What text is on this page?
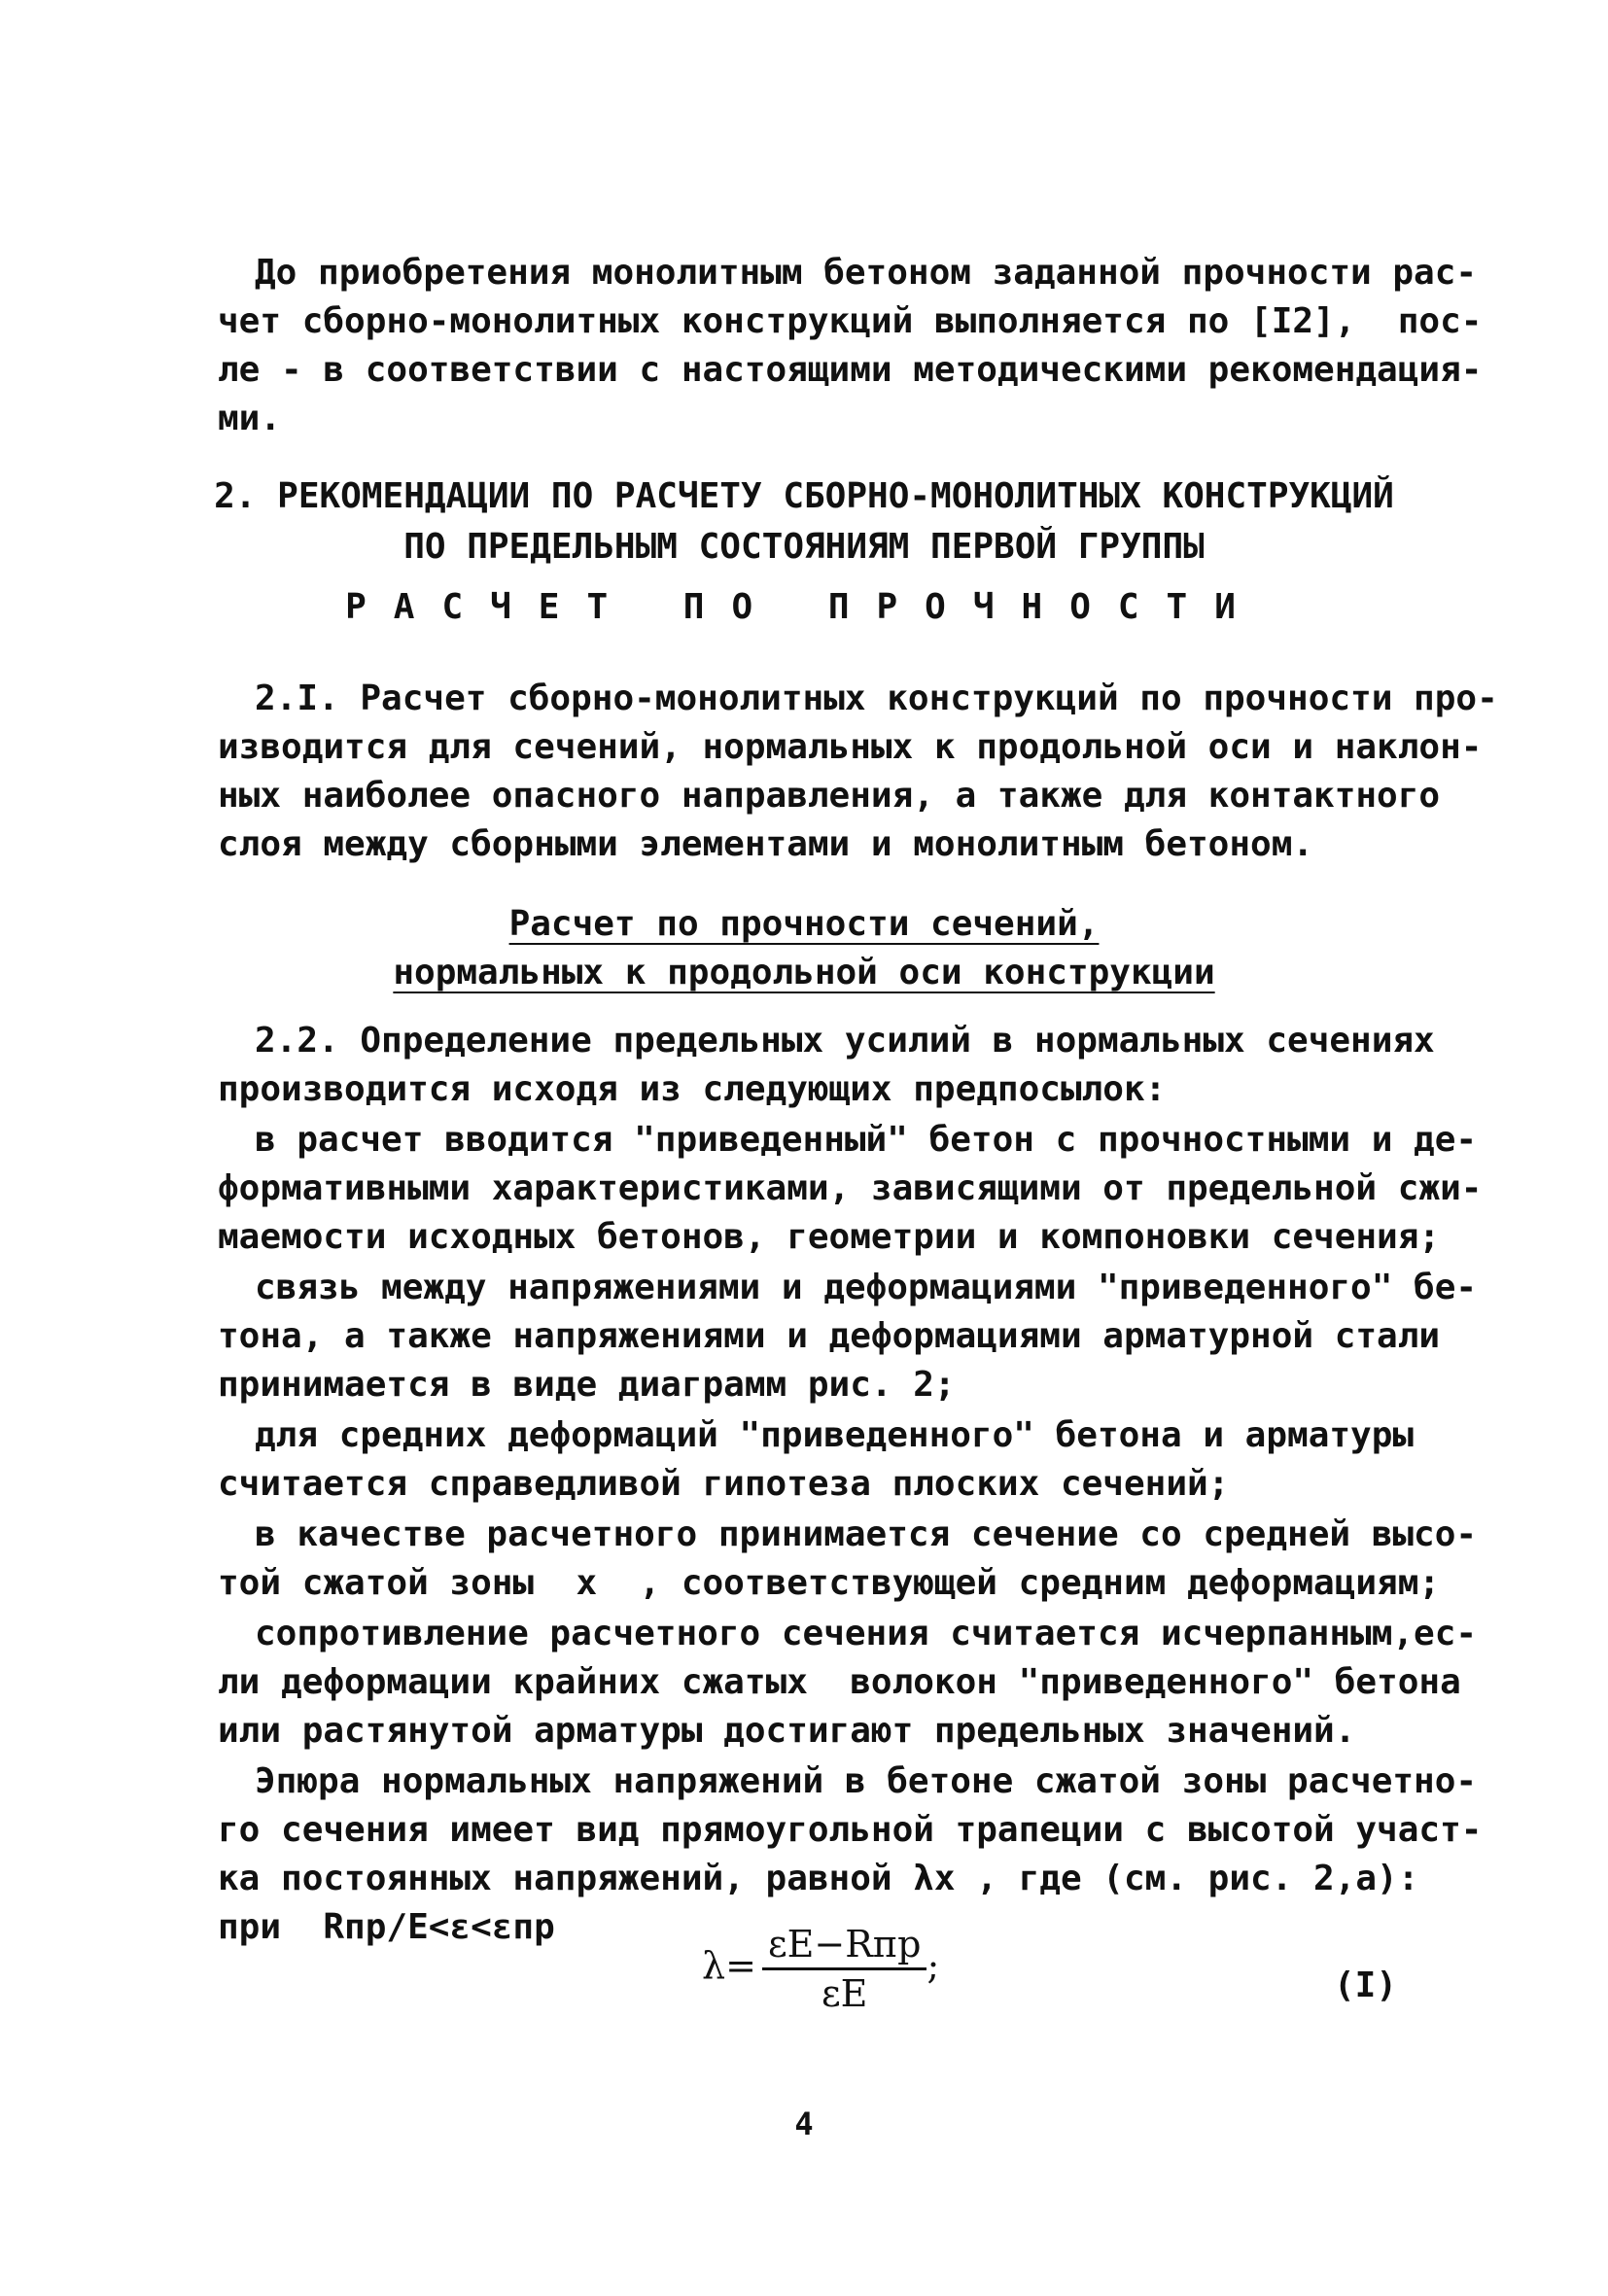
До приобретения монолитным бетоном заданной прочности рас-
чет сборно-монолитных конструкций выполняется по [I2],  пос-
ле - в соответствии с настоящими методическими рекомендация-
ми.
2. РЕКОМЕНДАЦИИ ПО РАСЧЕТУ СБОРНО-МОНОЛИТНЫХ КОНСТРУКЦИЙ
ПО ПРЕДЕЛЬНЫМ СОСТОЯНИЯМ ПЕРВОЙ ГРУППЫ
РАСЧЕТ ПО ПРОЧНОСТИ
2.I. Расчет сборно-монолитных конструкций по прочности про-
изводится для сечений, нормальных к продольной оси и наклон-
ных наиболее опасного направления, а также для контактного
слоя между сборными элементами и монолитным бетоном.
Расчет по прочности сечений,
нормальных к продольной оси конструкции
2.2. Определение предельных усилий в нормальных сечениях
производится исходя из следующих предпосылок:
в расчет вводится "приведенный" бетон с прочностными и де-
формативными характеристиками, зависящими от предельной сжи-
маемости исходных бетонов, геометрии и компоновки сечения;
связь между напряжениями и деформациями "приведенного" бе-
тона, а также напряжениями и деформациями арматурной стали
принимается в виде диаграмм рис. 2;
для средних деформаций "приведенного" бетона и арматуры
считается справедливой гипотеза плоских сечений;
в качестве расчетного принимается сечение со средней высо-
той сжатой зоны  x  , соответствующей средним деформациям;
сопротивление расчетного сечения считается исчерпанным,ес-
ли деформации крайних сжатых  волокон "приведенного" бетона
или растянутой арматуры достигают предельных значений.
Эпюра нормальных напряжений в бетоне сжатой зоны расчетно-
го сечения имеет вид прямоугольной трапеции с высотой участ-
ка постоянных напряжений, равной λx , где (см. рис. 2,а):
при  Rпр/Е<ε<εпр
$\lambda= \frac{\text{εЕ−Rпр}}{\varepsilon Е}$ ;	(I)
4
